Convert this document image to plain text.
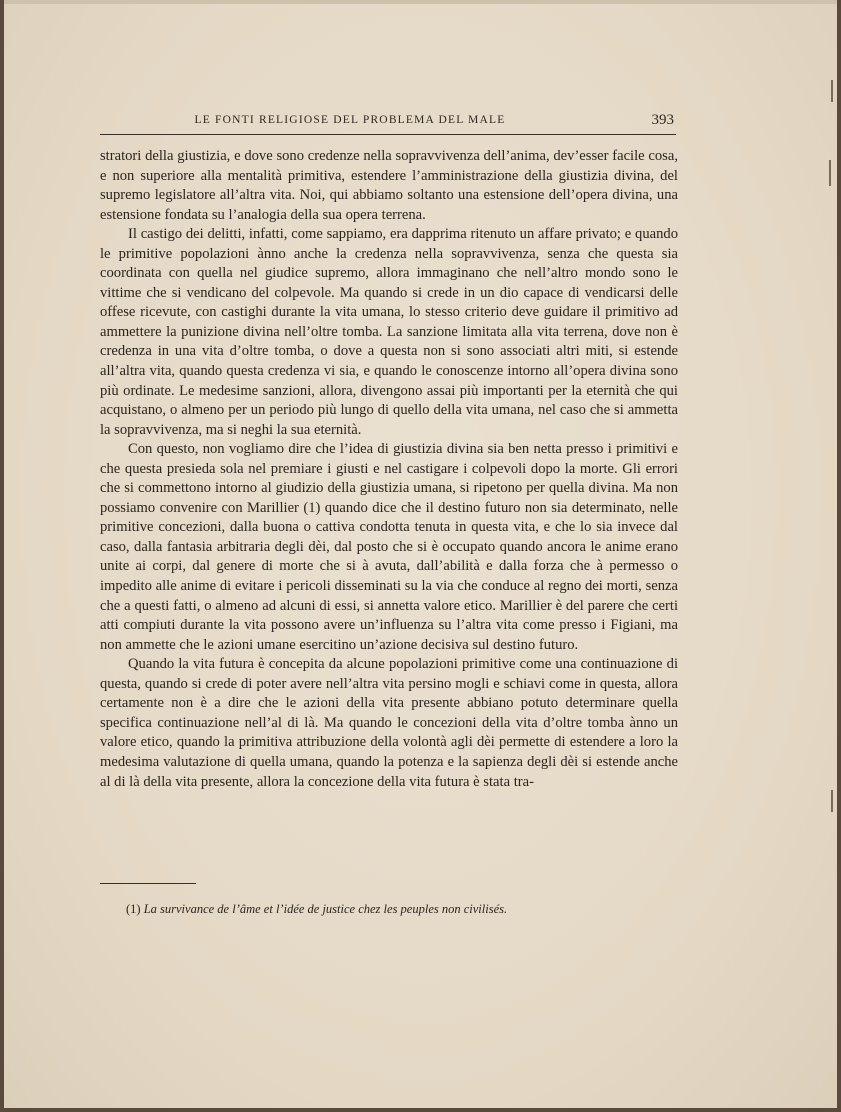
LE FONTI RELIGIOSE DEL PROBLEMA DEL MALE	393

stratori della giustizia, e dove sono credenze nella sopravvivenza dell’anima, dev’esser facile cosa, e non superiore alla mentalità primitiva, estendere l’amministrazione della giustizia divina, del supremo legislatore all’altra vita. Noi, qui abbiamo soltanto una estensione dell’opera divina, una estensione fondata su l’analogia della sua opera terrena.

Il castigo dei delitti, infatti, come sappiamo, era dapprima ritenuto un affare privato; e quando le primitive popolazioni ànno anche la credenza nella sopravvivenza, senza che questa sia coordinata con quella nel giudice supremo, allora immaginano che nell’altro mondo sono le vittime che si vendicano del colpevole. Ma quando si crede in un dio capace di vendicarsi delle offese ricevute, con castighi durante la vita umana, lo stesso criterio deve guidare il primitivo ad ammettere la punizione divina nell’oltre tomba. La sanzione limitata alla vita terrena, dove non è credenza in una vita d’oltre tomba, o dove a questa non si sono associati altri miti, si estende all’altra vita, quando questa credenza vi sia, e quando le conoscenze intorno all’opera divina sono più ordinate. Le medesime sanzioni, allora, divengono assai più importanti per la eternità che qui acquistano, o almeno per un periodo più lungo di quello della vita umana, nel caso che si ammetta la sopravvivenza, ma si neghi la sua eternità.

Con questo, non vogliamo dire che l’idea di giustizia divina sia ben netta presso i primitivi e che questa presieda sola nel premiare i giusti e nel castigare i colpevoli dopo la morte. Gli errori che si commettono intorno al giudizio della giustizia umana, si ripetono per quella divina. Ma non possiamo convenire con Marillier (1) quando dice che il destino futuro non sia determinato, nelle primitive concezioni, dalla buona o cattiva condotta tenuta in questa vita, e che lo sia invece dal caso, dalla fantasia arbitraria degli dèi, dal posto che si è occupato quando ancora le anime erano unite ai corpi, dal genere di morte che si à avuta, dall’abilità e dalla forza che à permesso o impedito alle anime di evitare i pericoli disseminati su la via che conduce al regno dei morti, senza che a questi fatti, o almeno ad alcuni di essi, si annetta valore etico. Marillier è del parere che certi atti compiuti durante la vita possono avere un’influenza su l’altra vita come presso i Figiani, ma non ammette che le azioni umane esercitino un’azione decisiva sul destino futuro.

Quando la vita futura è concepita da alcune popolazioni primitive come una continuazione di questa, quando si crede di poter avere nell’altra vita persino mogli e schiavi come in questa, allora certamente non è a dire che le azioni della vita presente abbiano potuto determinare quella specifica continuazione nell’al di là. Ma quando le concezioni della vita d’oltre tomba ànno un valore etico, quando la primitiva attribuzione della volontà agli dèi permette di estendere a loro la medesima valutazione di quella umana, quando la potenza e la sapienza degli dèi si estende anche al di là della vita presente, allora la concezione della vita futura è stata tra-

(1) La survivance de l’âme et l’idée de justice chez les peuples non civilisés.
